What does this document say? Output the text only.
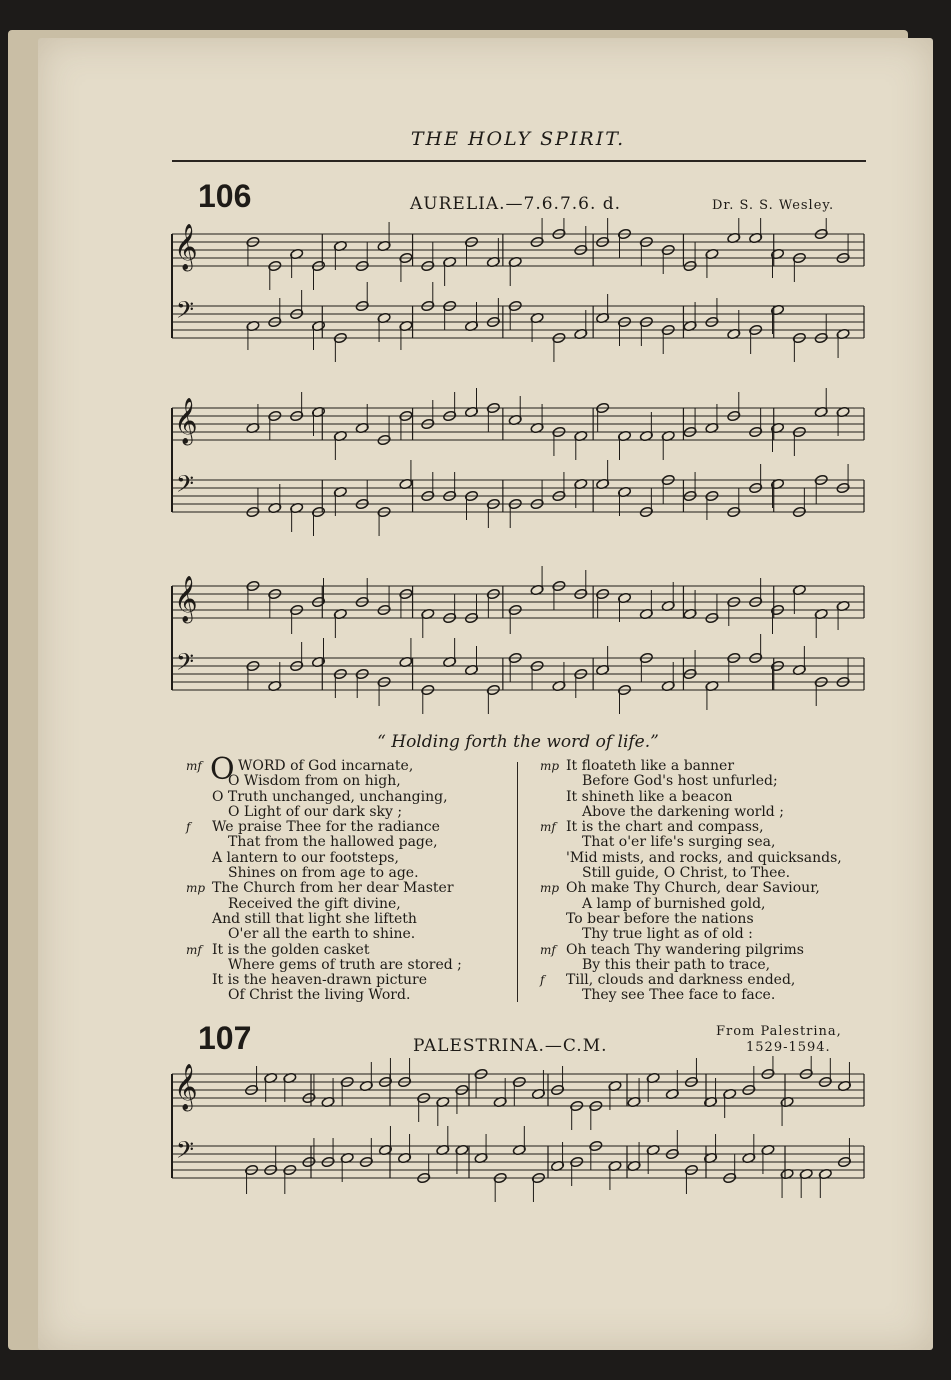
THE HOLY SPIRIT.
106	AURELIA.—7.6.7.6. d.	Dr. S. S. Wesley.
𝄞
𝄢
𝄞
𝄢
𝄞
𝄢
“ Holding forth the word of life.”
mf O WORD of God incarnate,
O Wisdom from on high,
O Truth unchanged, unchanging,
O Light of our dark sky ;
f We praise Thee for the radiance
That from the hallowed page,
A lantern to our footsteps,
Shines on from age to age.
mp The Church from her dear Master
Received the gift divine,
And still that light she lifteth
O'er all the earth to shine.
mf It is the golden casket
Where gems of truth are stored ;
It is the heaven-drawn picture
Of Christ the living Word.
mp It floateth like a banner
Before God's host unfurled;
It shineth like a beacon
Above the darkening world ;
mf It is the chart and compass,
That o'er life's surging sea,
'Mid mists, and rocks, and quicksands,
Still guide, O Christ, to Thee.
mp Oh make Thy Church, dear Saviour,
A lamp of burnished gold,
To bear before the nations
Thy true light as of old :
mf Oh teach Thy wandering pilgrims
By this their path to trace,
f Till, clouds and darkness ended,
They see Thee face to face.
107	PALESTRINA.—C.M.
From Palestrina,
1529-1594.
𝄞
𝄢
